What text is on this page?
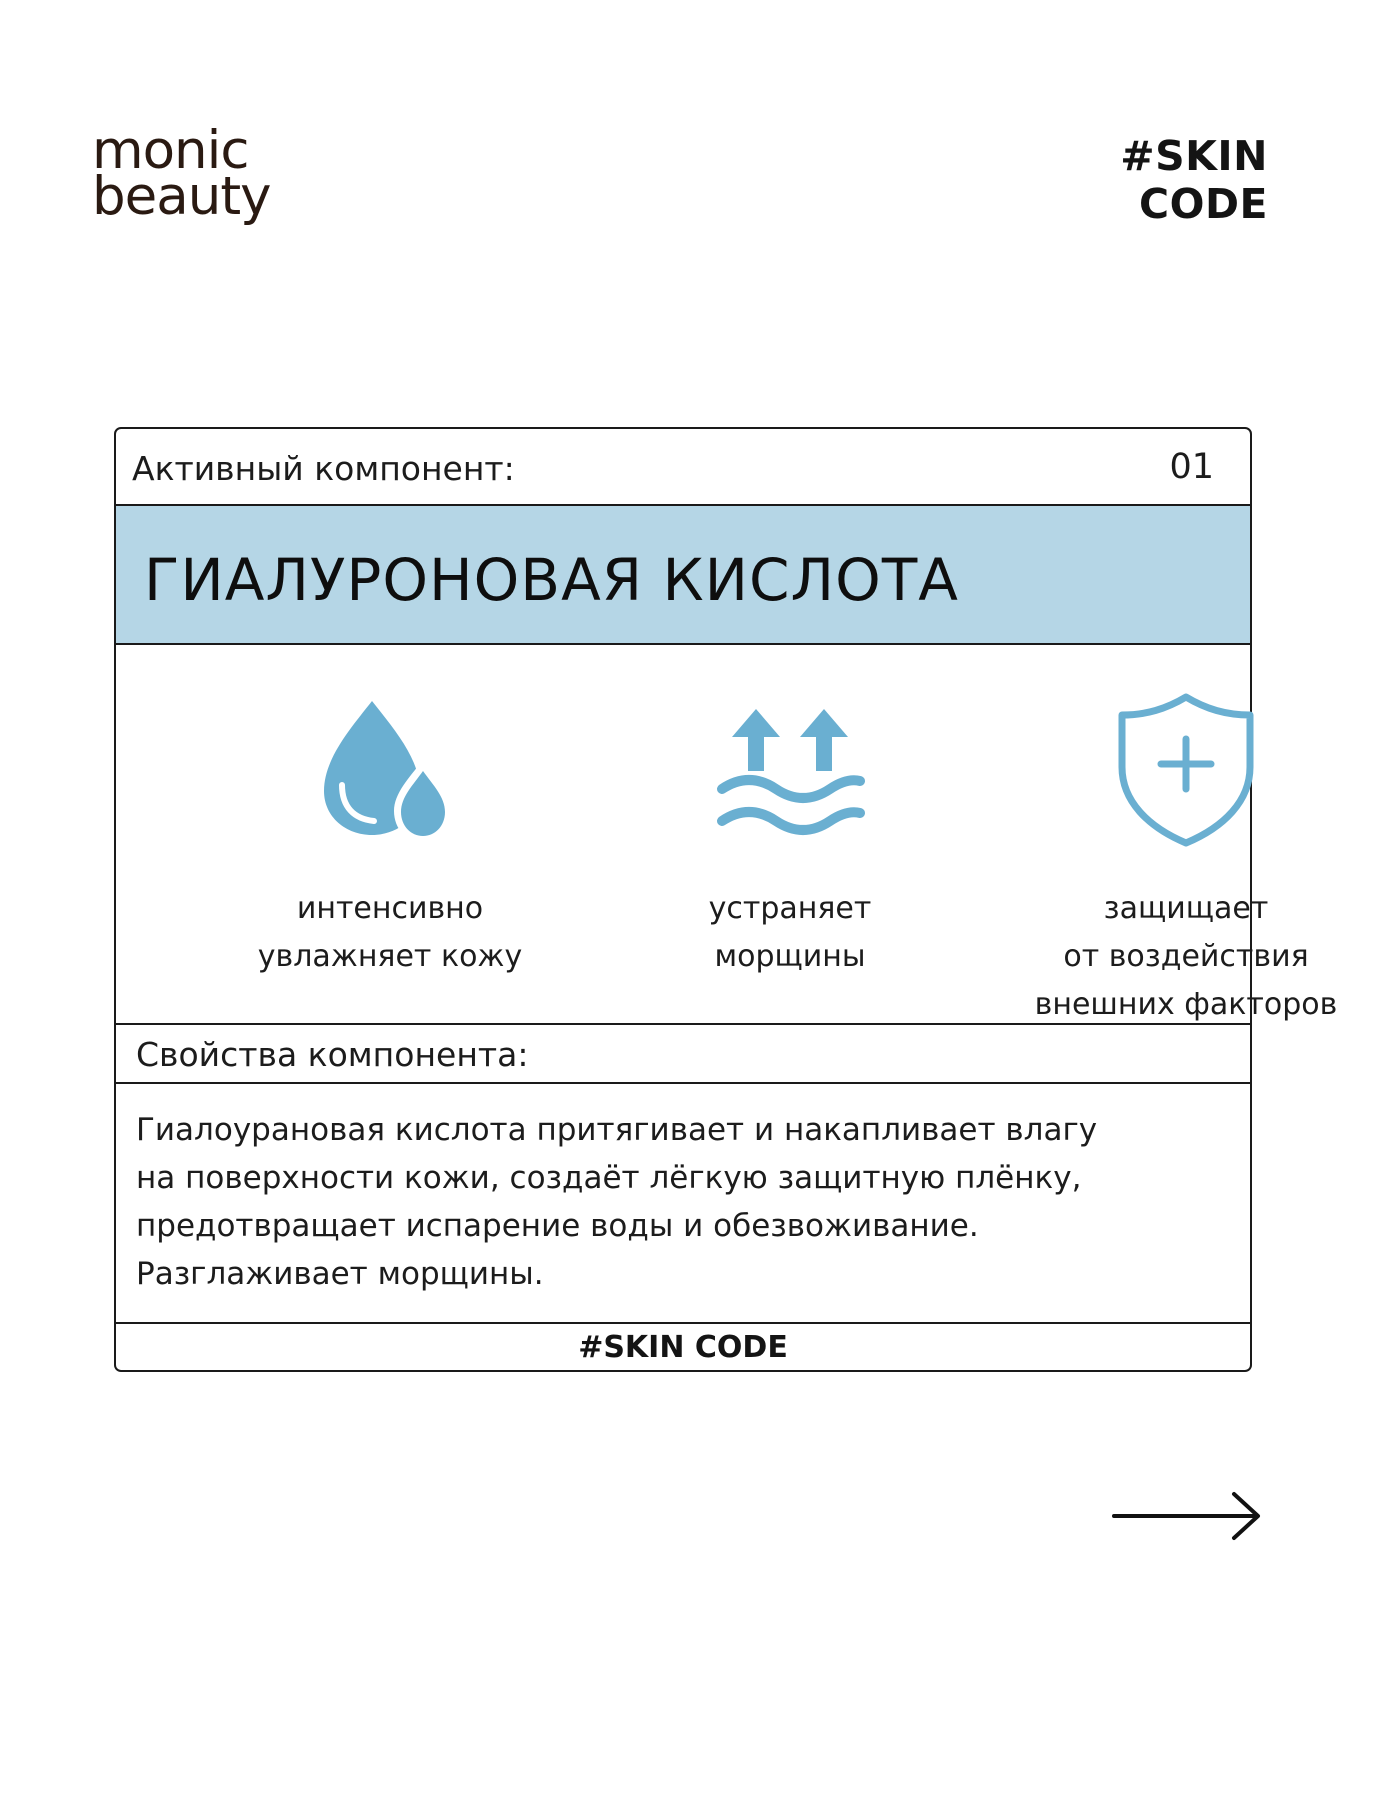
monic
beauty
#SKIN
CODE
Активный компонент:	01
ГИАЛУРОНОВАЯ КИСЛОТА
интенсивно
увлажняет кожу
устраняет
морщины
защищает
от воздействия
внешних факторов
Свойства компонента:
Гиалоурановая кислота притягивает и накапливает влагу
на поверхности кожи, создаёт лёгкую защитную плёнку,
предотвращает испарение воды и обезвоживание.
Разглаживает морщины.
#SKIN CODE
